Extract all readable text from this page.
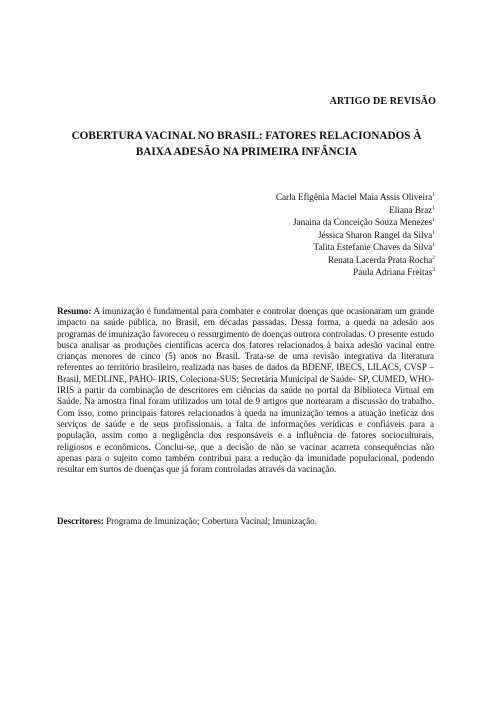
ARTIGO DE REVISÃO
COBERTURA VACINAL NO BRASIL: FATORES RELACIONADOS À
BAIXA ADESÃO NA PRIMEIRA INFÂNCIA
Carla Efigênia Maciel Maia Assis Oliveira$^1$
Eliana Braz$^1$
Janaina da Conceição Souza Menezes$^1$
Jéssica Sharon Rangel da Silva$^1$
Talita Estefanie Chaves da Silva$^1$
Renata Lacerda Prata Rocha$^2$
Paula Adriana Freitas$^3$
Resumo: A imunização é fundamental para combater e controlar doenças que ocasionaram um grande impacto na saúde pública, no Brasil, em décadas passadas. Dessa forma, a queda na adesão aos programas de imunização favoreceu o ressurgimento de doenças outrora controladas. O presente estudo busca analisar as produções científicas acerca dos fatores relacionados à baixa adesão vacinal entre crianças menores de cinco (5) anos no Brasil. Trata-se de uma revisão integrativa da literatura referentes ao território brasileiro, realizada nas bases de dados da BDENF, IBECS, LILACS, CVSP – Brasil, MEDLINE, PAHO- IRIS, Coleciona-SUS; Secretária Municipal de Saúde- SP, CUMED, WHO-IRIS a partir da combinação de descritores em ciências da saúde no portal da Biblioteca Virtual em Saúde. Na amostra final foram utilizados um total de 9 artigos que nortearam a discussão do trabalho. Com isso, como principais fatores relacionados à queda na imunização temos a atuação ineficaz dos serviços de saúde e de seus profissionais, a falta de informações verídicas e confiáveis para a população, assim como a negligência dos responsáveis e a influência de fatores socioculturais, religiosos e econômicos. Conclui-se, que a decisão de não se vacinar acarreta consequências não apenas para o sujeito como também contribui para a redução da imunidade populacional, podendo resultar em surtos de doenças que já foram controladas através da vacinação.
Descritores: Programa de Imunização; Cobertura Vacinal; Imunização.
